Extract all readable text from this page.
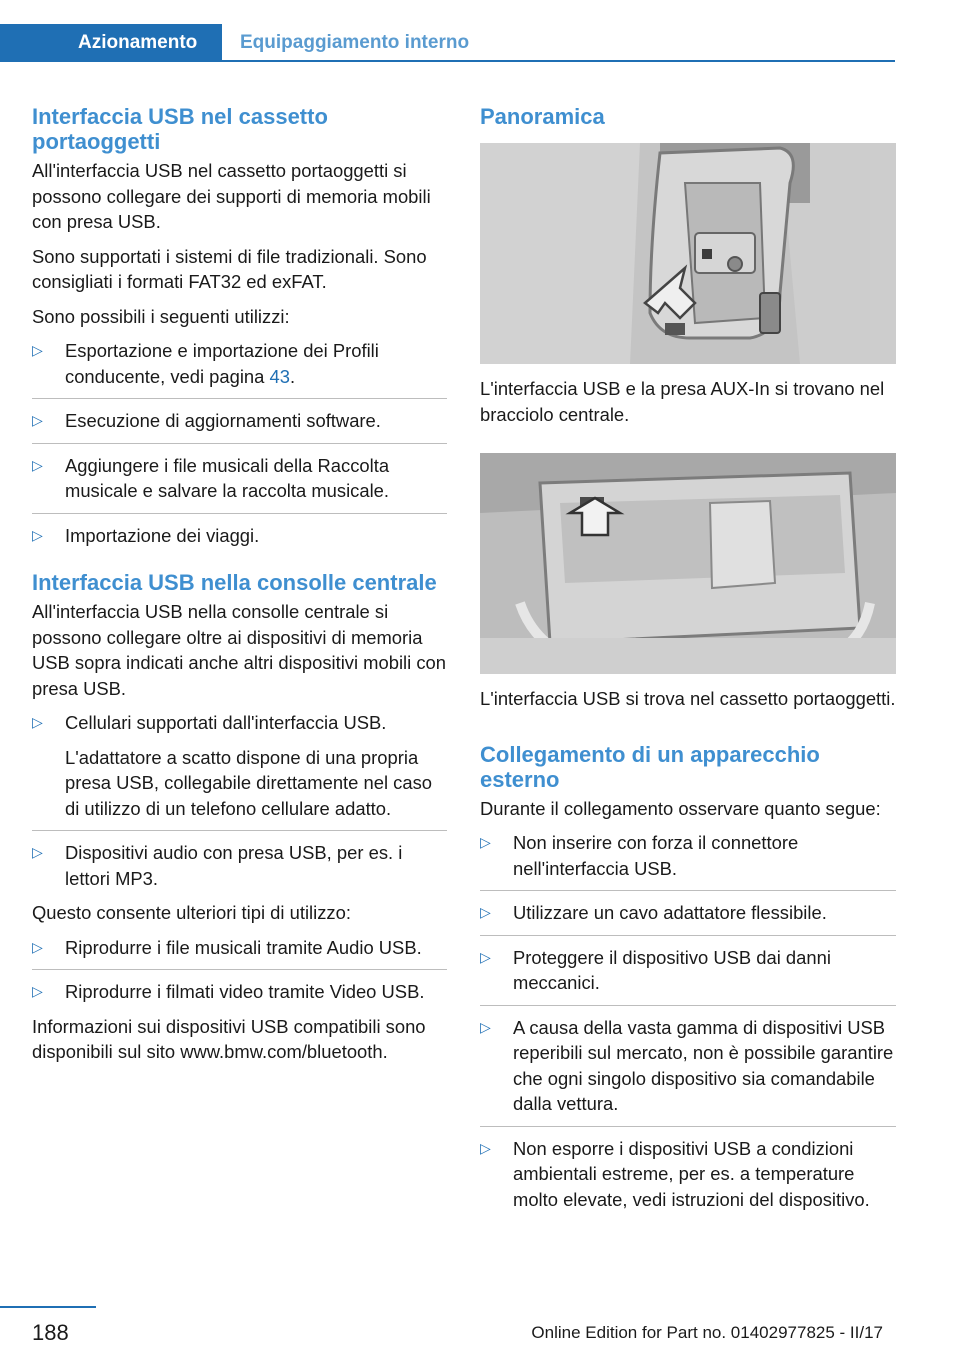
Azionamento	Equipaggiamento interno
Interfaccia USB nel cassetto portaoggetti

All'interfaccia USB nel cassetto portaoggetti si possono collegare dei supporti di memoria mobili con presa USB.

Sono supportati i sistemi di file tradizionali. Sono consigliati i formati FAT32 ed exFAT.

Sono possibili i seguenti utilizzi:

▷ Esportazione e importazione dei Profili conducente, vedi pagina 43.
▷ Esecuzione di aggiornamenti software.
▷ Aggiungere i file musicali della Raccolta musicale e salvare la raccolta musicale.
▷ Importazione dei viaggi.
Interfaccia USB nella consolle centrale

All'interfaccia USB nella consolle centrale si possono collegare oltre ai dispositivi di memoria USB sopra indicati anche altri dispositivi mobili con presa USB.

▷ Cellulari supportati dall'interfaccia USB.
L'adattatore a scatto dispone di una propria presa USB, collegabile direttamente nel caso di utilizzo di un telefono cellulare adatto.
▷ Dispositivi audio con presa USB, per es. i lettori MP3.

Questo consente ulteriori tipi di utilizzo:

▷ Riprodurre i file musicali tramite Audio USB.
▷ Riprodurre i filmati video tramite Video USB.

Informazioni sui dispositivi USB compatibili sono disponibili sul sito www.bmw.com/bluetooth.

Panoramica

L'interfaccia USB e la presa AUX-In si trovano nel bracciolo centrale.

L'interfaccia USB si trova nel cassetto portaoggetti.

Collegamento di un apparecchio esterno

Durante il collegamento osservare quanto segue:

▷ Non inserire con forza il connettore nell'interfaccia USB.
▷ Utilizzare un cavo adattatore flessibile.
▷ Proteggere il dispositivo USB dai danni meccanici.
▷ A causa della vasta gamma di dispositivi USB reperibili sul mercato, non è possibile garantire che ogni singolo dispositivo sia comandabile dalla vettura.
▷ Non esporre i dispositivi USB a condizioni ambientali estreme, per es. a temperature molto elevate, vedi istruzioni del dispositivo.
188	Online Edition for Part no. 01402977825 - II/17
